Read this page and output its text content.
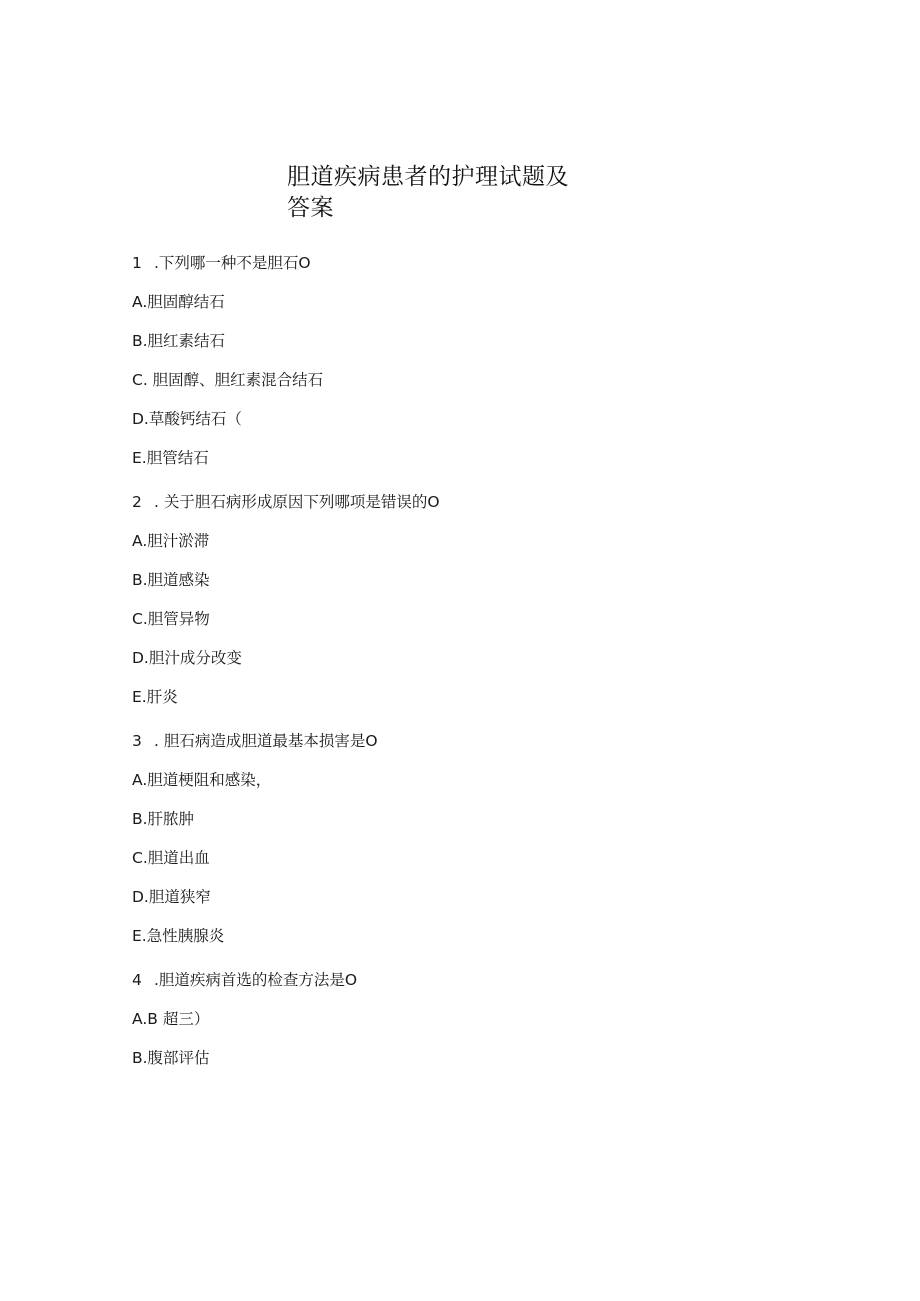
胆道疾病患者的护理试题及答案
1 .下列哪一种不是胆石O
A.胆固醇结石
B.胆红素结石
C. 胆固醇、胆红素混合结石
D.草酸钙结石（
E.胆管结石
2 . 关于胆石病形成原因下列哪项是错误的O
A.胆汁淤滞
B.胆道感染
C.胆管异物
D.胆汁成分改变
E.肝炎
3 . 胆石病造成胆道最基本损害是O
A.胆道梗阻和感染，
B.肝脓肿
C.胆道出血
D.胆道狭窄
E.急性胰腺炎
4 .胆道疾病首选的检查方法是O
A.B 超三）
B.腹部评估
